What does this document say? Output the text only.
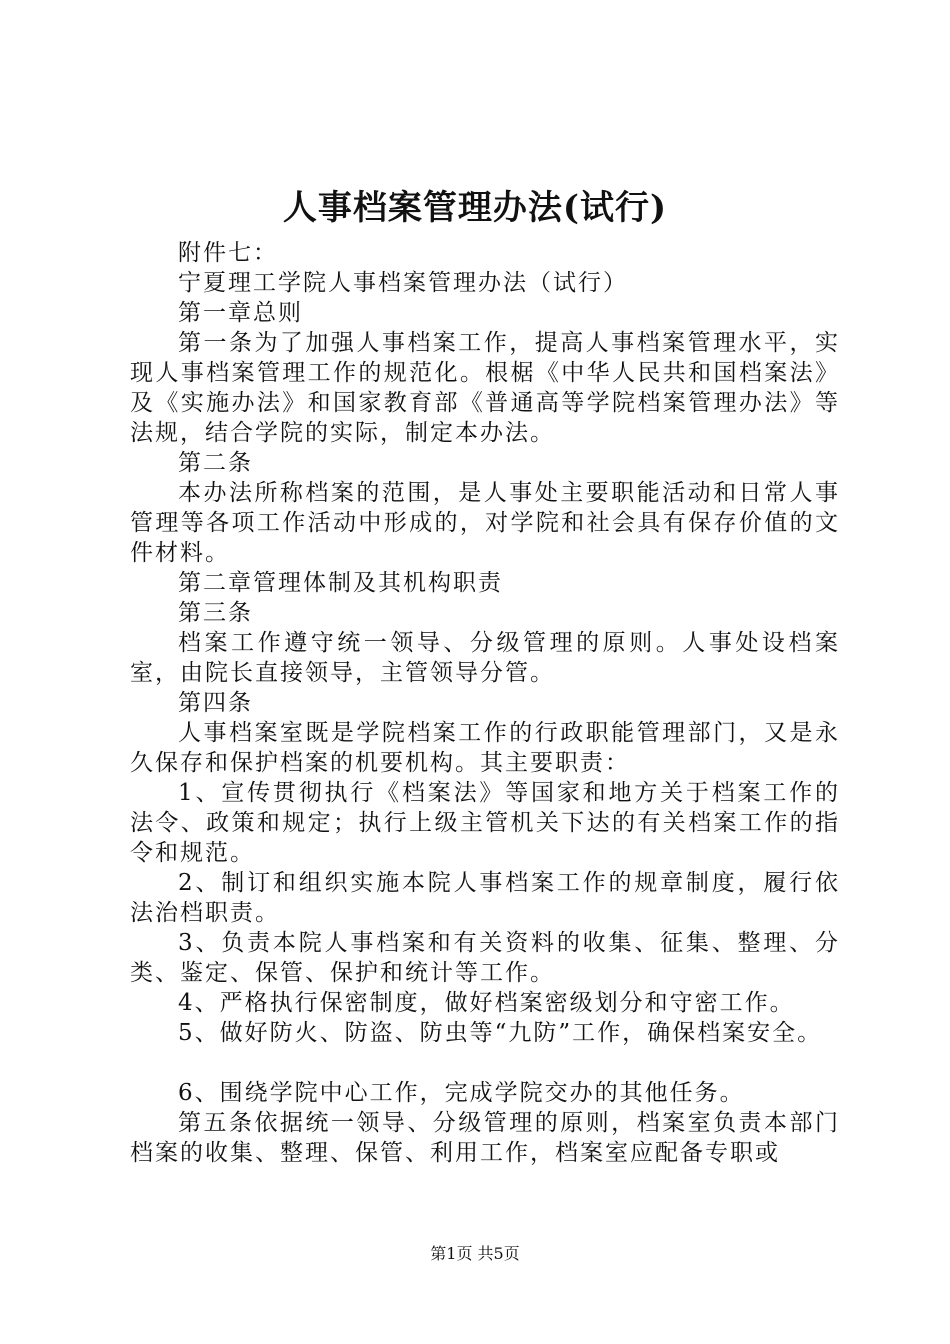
人事档案管理办法(试行)

附件七：

宁夏理工学院人事档案管理办法（试行）

第一章总则

第一条为了加强人事档案工作，提高人事档案管理水平，实现人事档案管理工作的规范化。根椐《中华人民共和国档案法》及《实施办法》和国家教育部《普通高等学院档案管理办法》等法规，结合学院的实际，制定本办法。

第二条

本办法所称档案的范围，是人事处主要职能活动和日常人事管理等各项工作活动中形成的，对学院和社会具有保存价值的文件材料。

第二章管理体制及其机构职责

第三条

档案工作遵守统一领导、分级管理的原则。人事处设档案室，由院长直接领导，主管领导分管。

第四条

人事档案室既是学院档案工作的行政职能管理部门，又是永久保存和保护档案的机要机构。其主要职责：

1、宣传贯彻执行《档案法》等国家和地方关于档案工作的法令、政策和规定；执行上级主管机关下达的有关档案工作的指令和规范。

2、制订和组织实施本院人事档案工作的规章制度，履行依法治档职责。

3、负责本院人事档案和有关资料的收集、征集、整理、分类、鉴定、保管、保护和统计等工作。

4、严格执行保密制度，做好档案密级划分和守密工作。

5、做好防火、防盗、防虫等“九防”工作，确保档案安全。

6、围绕学院中心工作，完成学院交办的其他任务。

第五条依据统一领导、分级管理的原则，档案室负责本部门档案的收集、整理、保管、利用工作，档案室应配备专职或

第1页 共5页
